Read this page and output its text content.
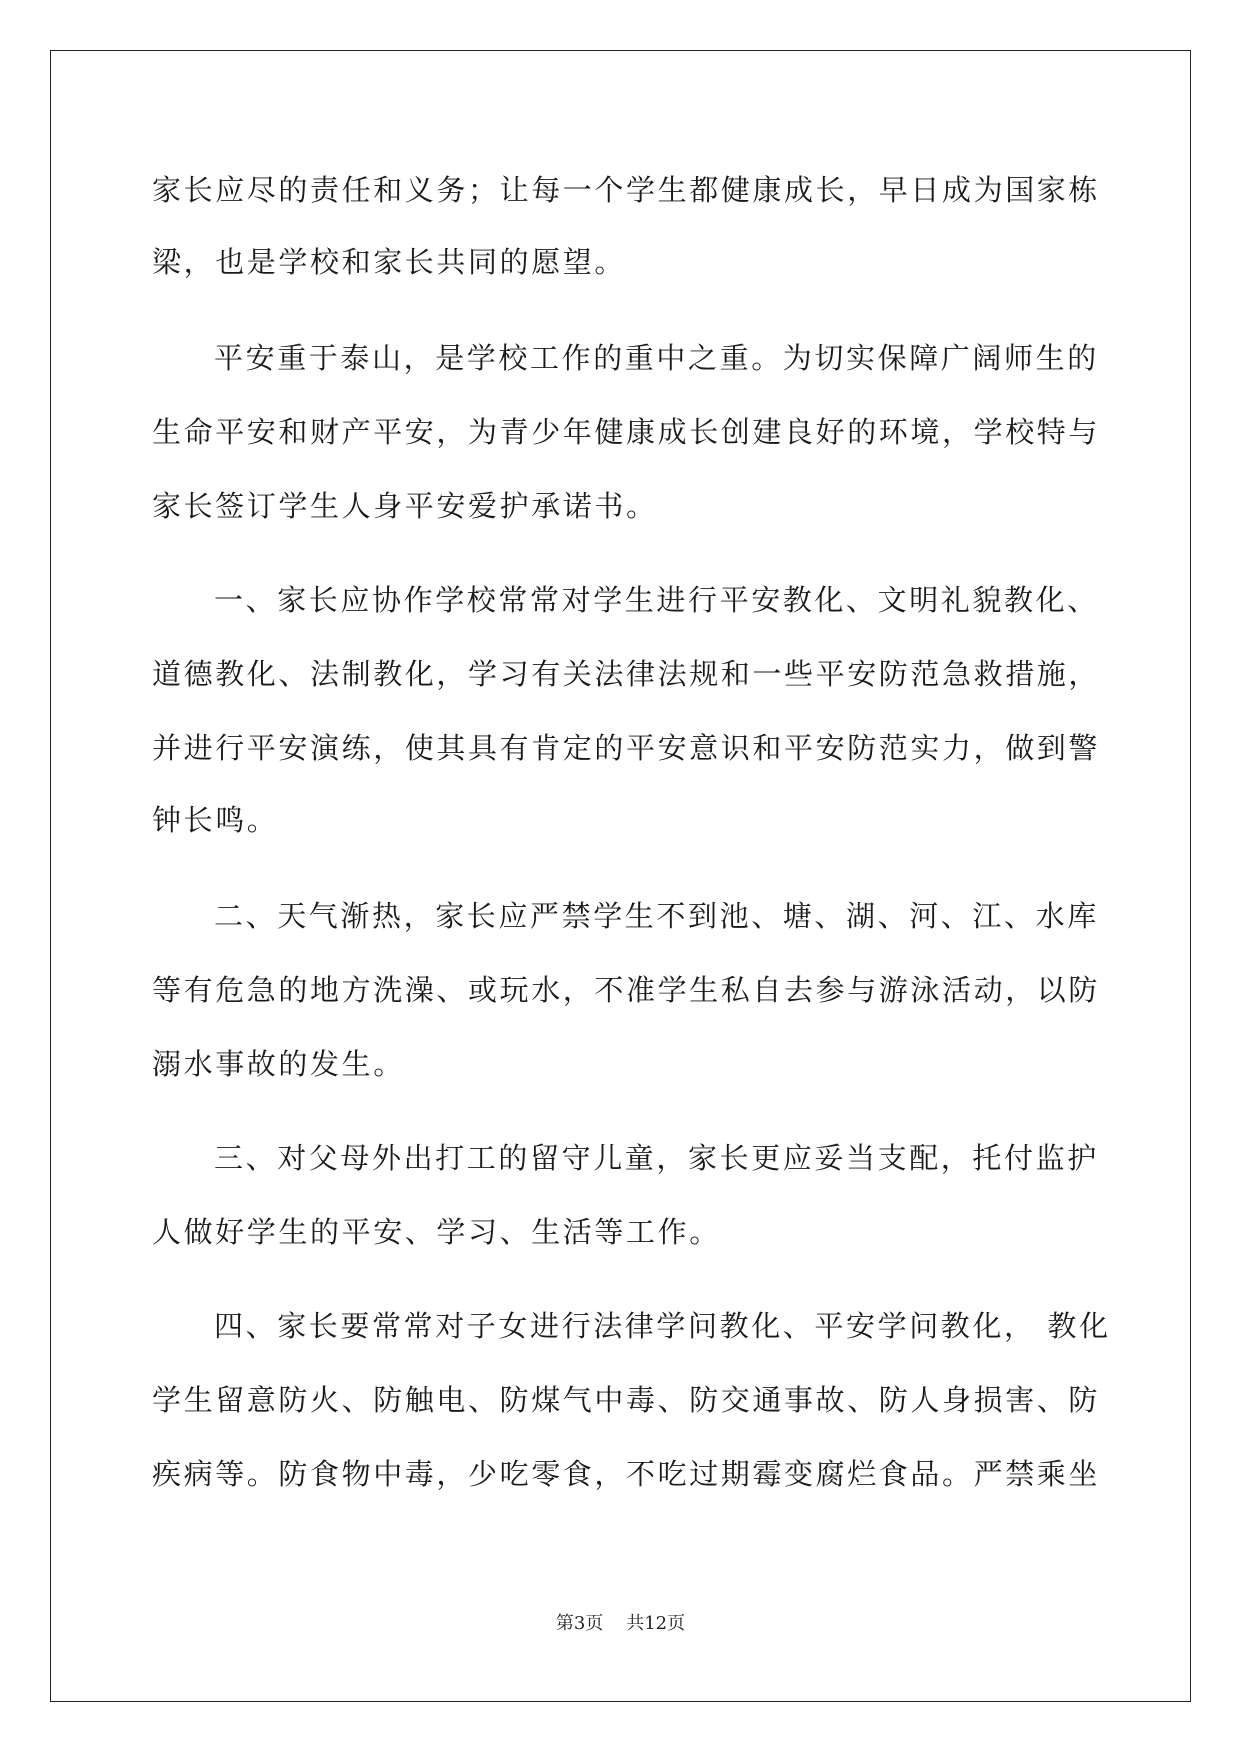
家长应尽的责任和义务；让每一个学生都健康成长，早日成为国家栋
梁，也是学校和家长共同的愿望。
平安重于泰山，是学校工作的重中之重。为切实保障广阔师生的
生命平安和财产平安，为青少年健康成长创建良好的环境，学校特与
家长签订学生人身平安爱护承诺书。
一、家长应协作学校常常对学生进行平安教化、文明礼貌教化、
道德教化、法制教化，学习有关法律法规和一些平安防范急救措施，
并进行平安演练，使其具有肯定的平安意识和平安防范实力，做到警
钟长鸣。
二、天气渐热，家长应严禁学生不到池、塘、湖、河、江、水库
等有危急的地方洗澡、或玩水，不准学生私自去参与游泳活动，以防
溺水事故的发生。
三、对父母外出打工的留守儿童，家长更应妥当支配，托付监护
人做好学生的平安、学习、生活等工作。
四、家长要常常对子女进行法律学问教化、平安学问教化， 教化
学生留意防火、防触电、防煤气中毒、防交通事故、防人身损害、防
疾病等。防食物中毒，少吃零食，不吃过期霉变腐烂食品。严禁乘坐
第3页 共12页
